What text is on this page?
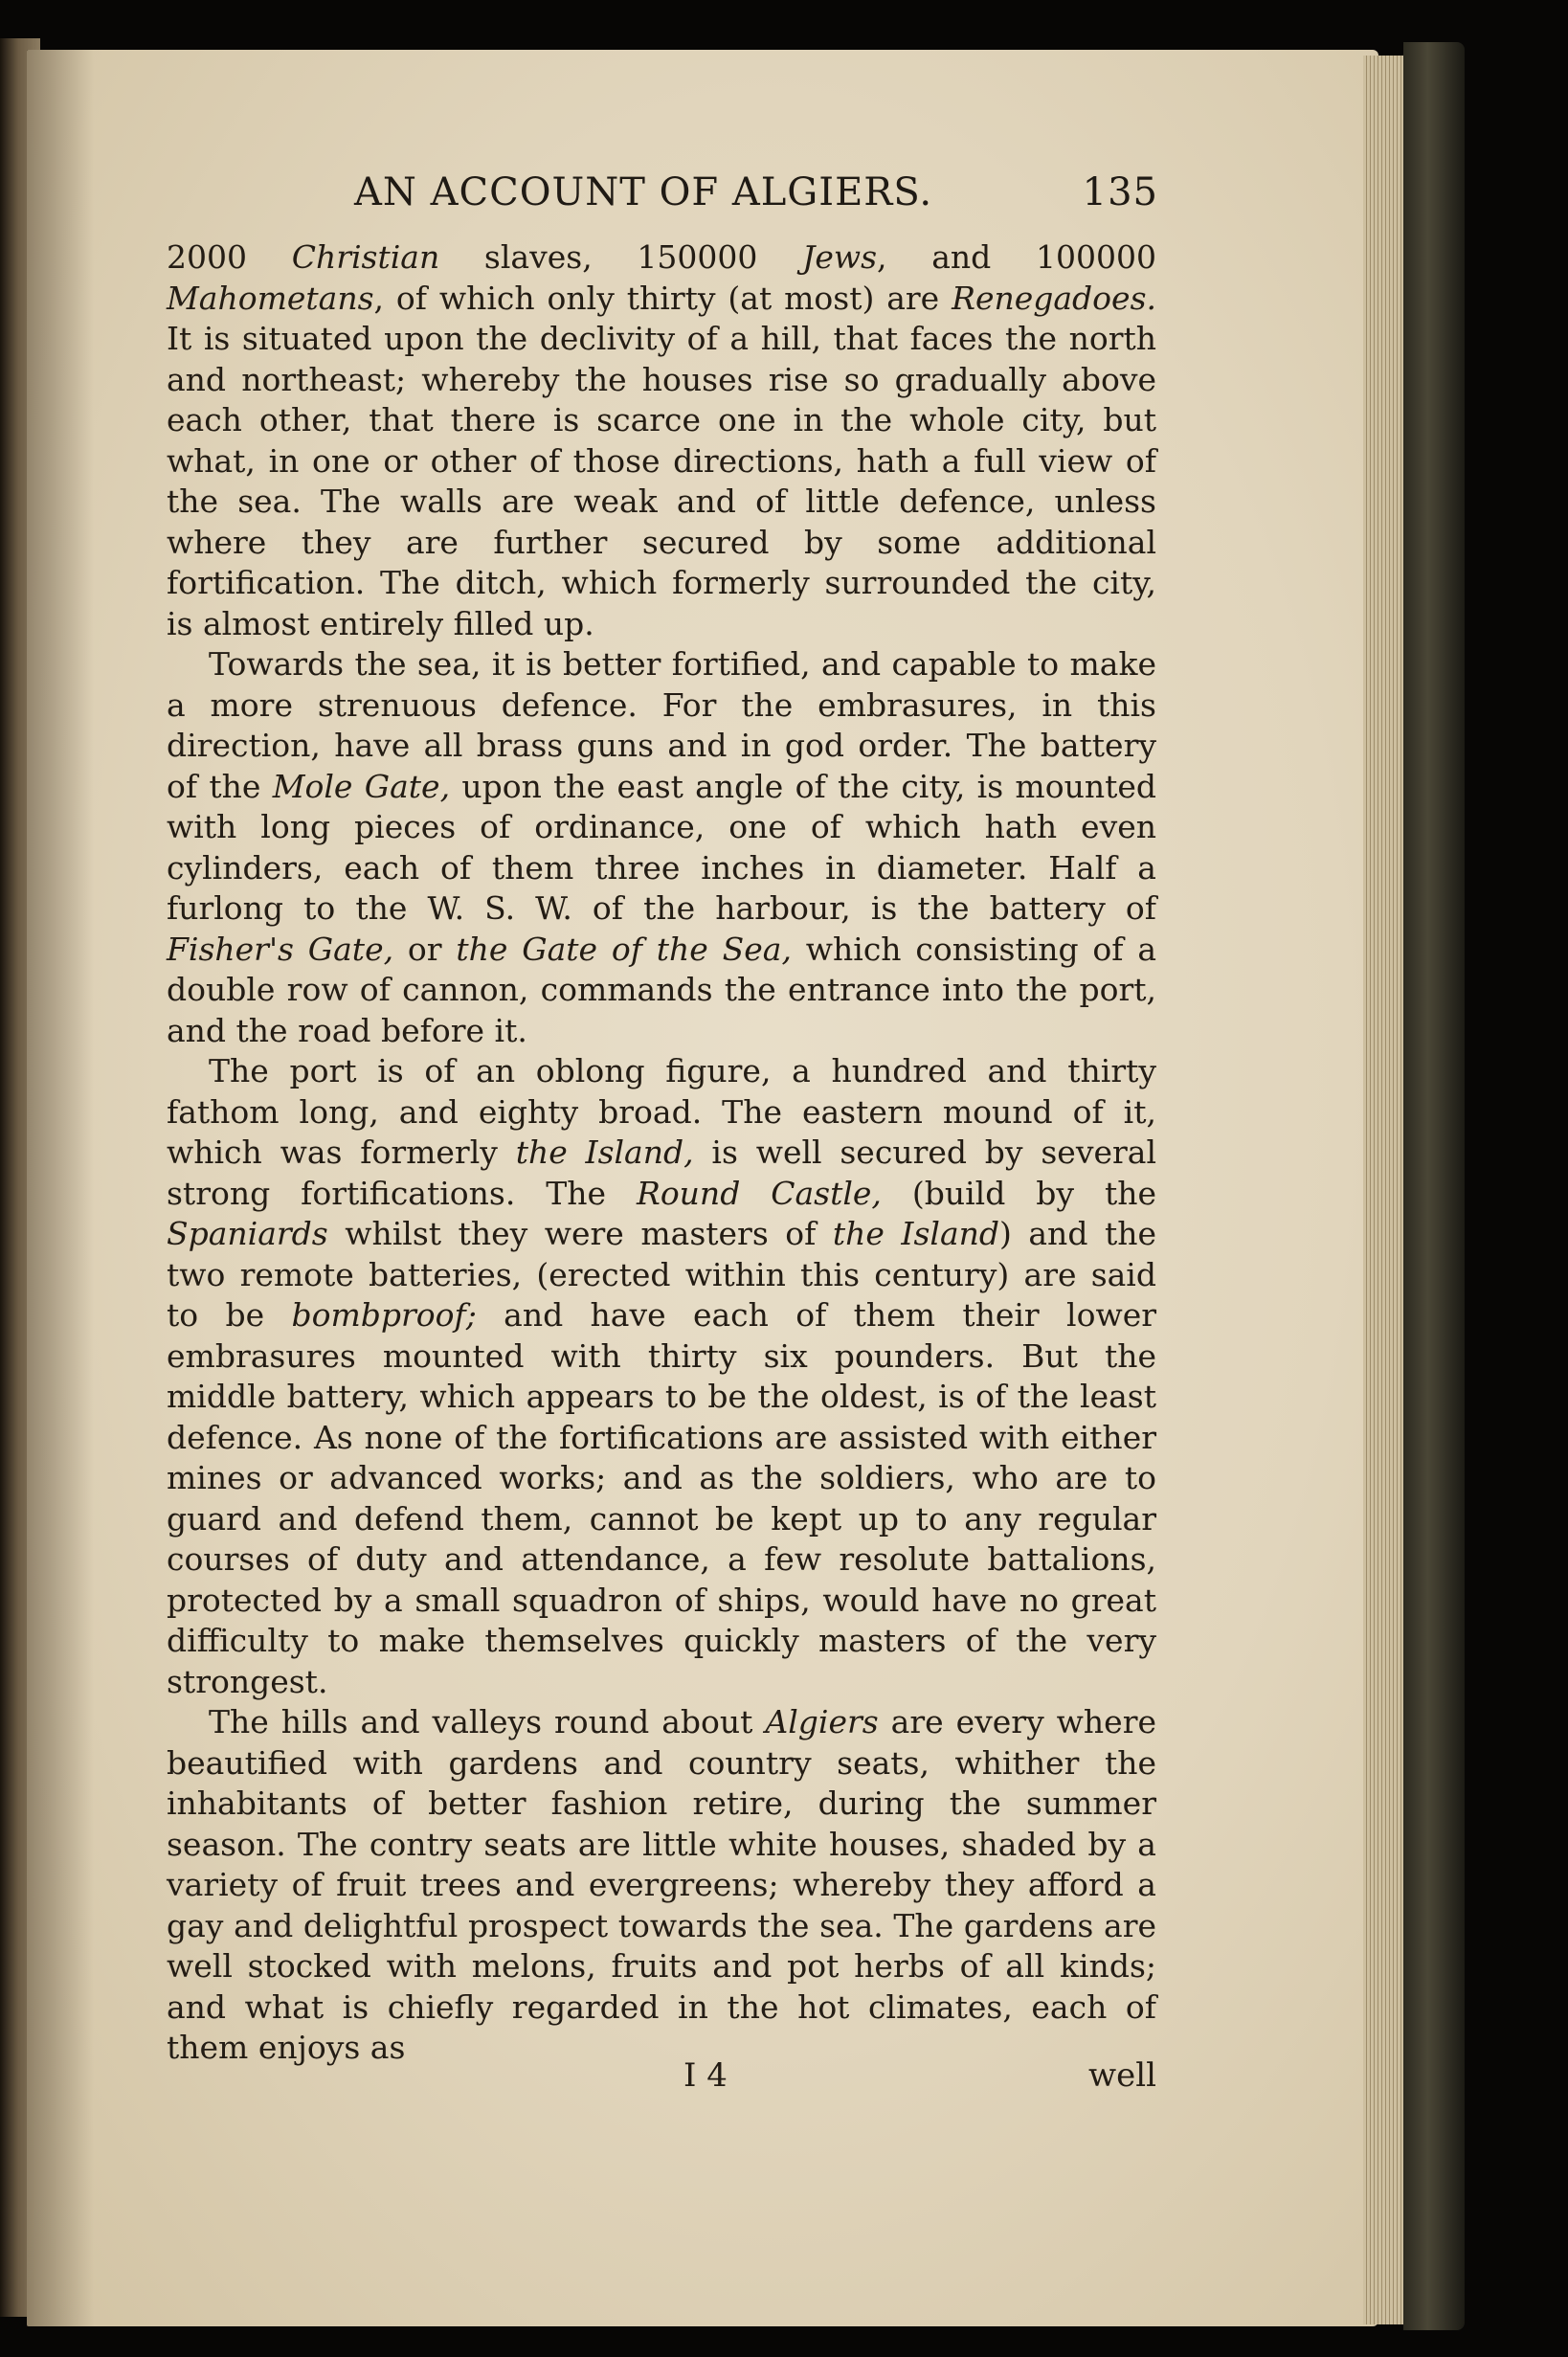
AN ACCOUNT OF ALGIERS.	135

2000 Christian slaves, 150000 Jews, and 100000 Mahometans, of which only thirty (at most) are Renegadoes. It is situated upon the declivity of a hill, that faces the north and northeast; whereby the houses rise so gradually above each other, that there is scarce one in the whole city, but what, in one or other of those directions, hath a full view of the sea. The walls are weak and of little defence, unless where they are further secured by some additional fortification. The ditch, which formerly surrounded the city, is almost entirely filled up.

Towards the sea, it is better fortified, and capable to make a more strenuous defence. For the embrasures, in this direction, have all brass guns and in god order. The battery of the Mole Gate, upon the east angle of the city, is mounted with long pieces of ordinance, one of which hath even cylinders, each of them three inches in diameter. Half a furlong to the W. S. W. of the harbour, is the battery of Fisher's Gate, or the Gate of the Sea, which consisting of a double row of cannon, commands the entrance into the port, and the road before it.

The port is of an oblong figure, a hundred and thirty fathom long, and eighty broad. The eastern mound of it, which was formerly the Island, is well secured by several strong fortifications. The Round Castle, (build by the Spaniards whilst they were masters of the Island) and the two remote batteries, (erected within this century) are said to be bombproof; and have each of them their lower embrasures mounted with thirty six pounders. But the middle battery, which appears to be the oldest, is of the least defence. As none of the fortifications are assisted with either mines or advanced works; and as the soldiers, who are to guard and defend them, cannot be kept up to any regular courses of duty and attendance, a few resolute battalions, protected by a small squadron of ships, would have no great difficulty to make themselves quickly masters of the very strongest.

The hills and valleys round about Algiers are every where beautified with gardens and country seats, whither the inhabitants of better fashion retire, during the summer season. The contry seats are little white houses, shaded by a variety of fruit trees and evergreens; whereby they afford a gay and delightful prospect towards the sea. The gardens are well stocked with melons, fruits and pot herbs of all kinds; and what is chiefly regarded in the hot climates, each of them enjoys as

I 4	well
